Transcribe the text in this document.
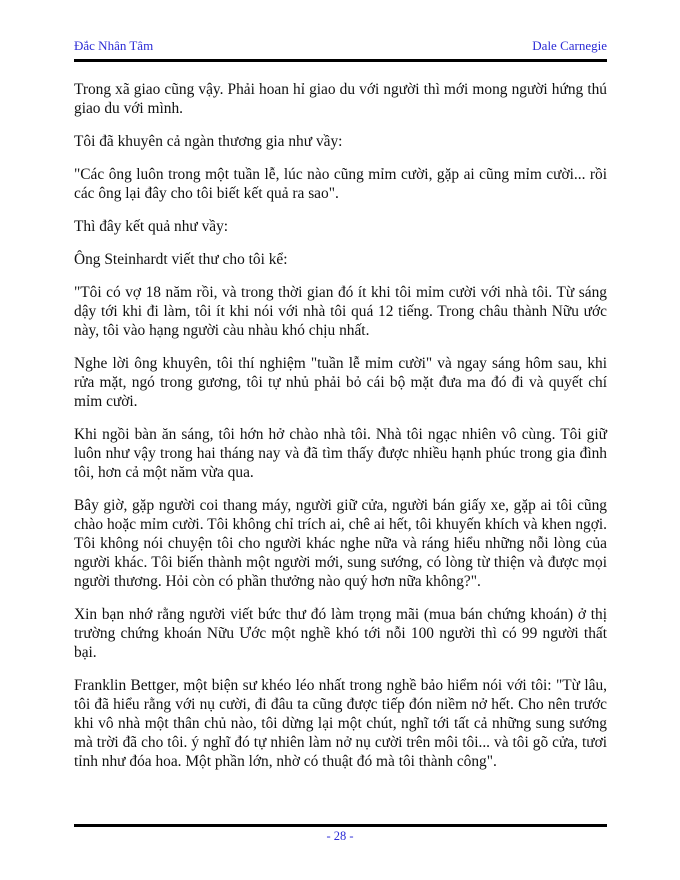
Đắc Nhân Tâm	Dale Carnegie

Trong xã giao cũng vậy. Phải hoan hỉ giao du với người thì mới mong người hứng thú giao du với mình.

Tôi đã khuyên cả ngàn thương gia như vầy:

"Các ông luôn trong một tuần lễ, lúc nào cũng mỉm cười, gặp ai cũng mỉm cười... rồi các ông lại đây cho tôi biết kết quả ra sao".

Thì đây kết quả như vầy:

Ông Steinhardt viết thư cho tôi kể:

"Tôi có vợ 18 năm rồi, và trong thời gian đó ít khi tôi mỉm cười với nhà tôi. Từ sáng dậy tới khi đi làm, tôi ít khi nói với nhà tôi quá 12 tiếng. Trong châu thành Nữu ước này, tôi vào hạng người càu nhàu khó chịu nhất.

Nghe lời ông khuyên, tôi thí nghiệm "tuần lễ mỉm cười" và ngay sáng hôm sau, khi rửa mặt, ngó trong gương, tôi tự nhủ phải bỏ cái bộ mặt đưa ma đó đi và quyết chí mỉm cười.

Khi ngồi bàn ăn sáng, tôi hớn hở chào nhà tôi. Nhà tôi ngạc nhiên vô cùng. Tôi giữ luôn như vậy trong hai tháng nay và đã tìm thấy được nhiều hạnh phúc trong gia đình tôi, hơn cả một năm vừa qua.

Bây giờ, gặp người coi thang máy, người giữ cửa, người bán giấy xe, gặp ai tôi cũng chào hoặc mỉm cười. Tôi không chỉ trích ai, chê ai hết, tôi khuyến khích và khen ngợi. Tôi không nói chuyện tôi cho người khác nghe nữa và ráng hiểu những nỗi lòng của người khác. Tôi biến thành một người mới, sung sướng, có lòng từ thiện và được mọi người thương. Hỏi còn có phần thưởng nào quý hơn nữa không?".

Xin bạn nhớ rằng người viết bức thư đó làm trọng mãi (mua bán chứng khoán) ở thị trường chứng khoán Nữu Ước một nghề khó tới nỗi 100 người thì có 99 người thất bại.

Franklin Bettger, một biện sư khéo léo nhất trong nghề bảo hiểm nói với tôi: "Từ lâu, tôi đã hiểu rằng với nụ cười, đi đâu ta cũng được tiếp đón niềm nở hết. Cho nên trước khi vô nhà một thân chủ nào, tôi dừng lại một chút, nghĩ tới tất cả những sung sướng mà trời đã cho tôi. ý nghĩ đó tự nhiên làm nở nụ cười trên môi tôi... và tôi gõ cửa, tươi tỉnh như đóa hoa. Một phần lớn, nhờ có thuật đó mà tôi thành công".

- 28 -
